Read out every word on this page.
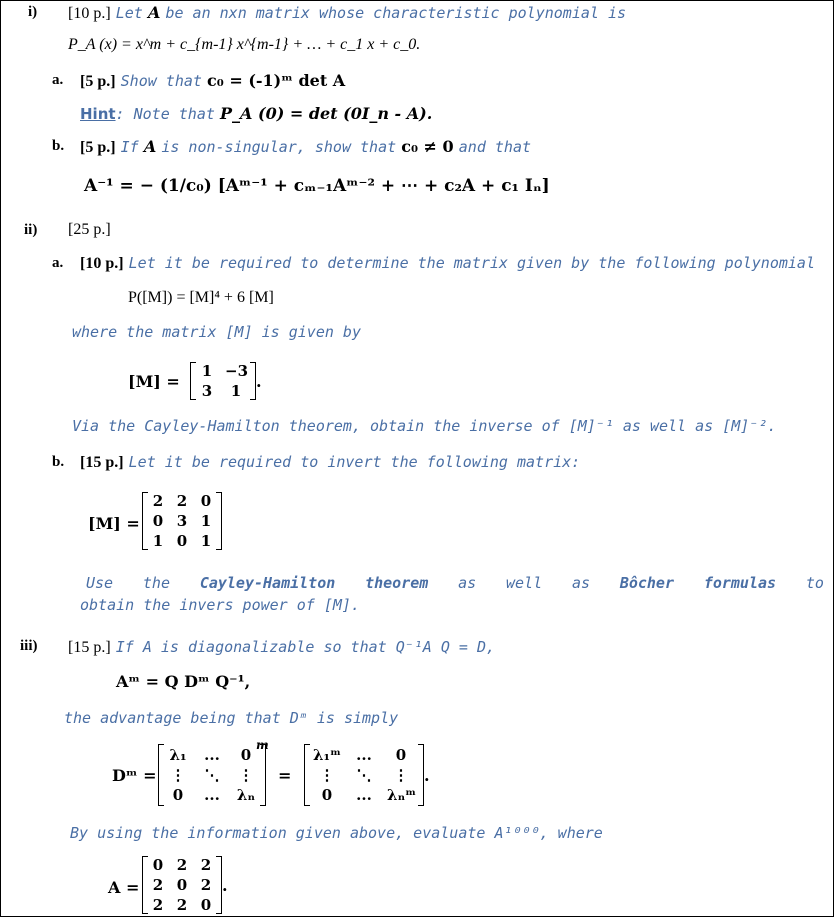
i) [10 p.] Let A be an nxn matrix whose characteristic polynomial is
P_A (x) = x^m + c_{m-1} x^{m-1} + … + c_1 x + c_0.
a. [5 p.] Show that c₀ = (-1)ᵐ det A
Hint: Note that P_A (0) = det (0I_n - A).
b. [5 p.] If A is non-singular, show that c₀ ≠ 0 and that
A⁻¹ = − (1/c₀) [Aᵐ⁻¹ + cₘ₋₁Aᵐ⁻² + ⋯ + c₂A + c₁ Iₙ]
ii) [25 p.]
a. [10 p.] Let it be required to determine the matrix given by the following polynomial
P([M]) = [M]⁴ + 6 [M]
where the matrix [M] is given by
[M] =
1 −3
3	1
.
Via the Cayley-Hamilton theorem, obtain the inverse of [M]⁻¹ as well as [M]⁻².
b. [15 p.] Let it be required to invert the following matrix:
[M] =
2 2 0
0 3 1
1 0 1
Use the Cayley-Hamilton theorem as well as Bôcher formulas to
obtain the invers power of [M].
iii) [15 p.] If A is diagonalizable so that Q⁻¹A Q = D,
Aᵐ = Q Dᵐ Q⁻¹,
the advantage being that Dᵐ is simply
Dᵐ =
λ₁	...	0
⋮	⋱	⋮
0	...	λₙ
m
=
λ₁ᵐ	...	0
⋮	⋱	⋮
0	...	λₙᵐ
.
By using the information given above, evaluate A¹⁰⁰⁰, where
A =
0 2 2
2 0 2
2 2 0
.
